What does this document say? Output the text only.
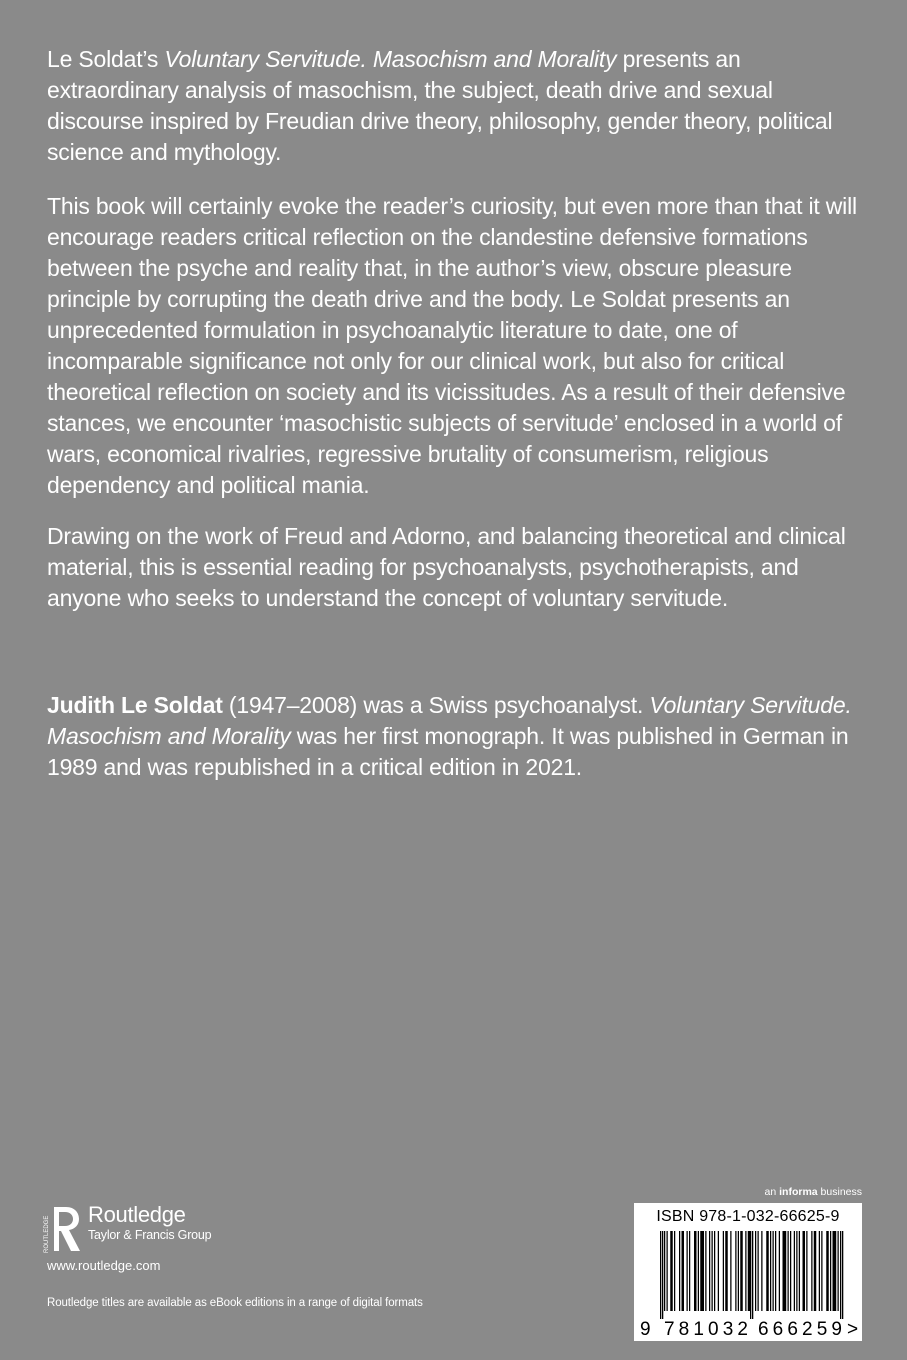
Le Soldat’s Voluntary Servitude. Masochism and Morality presents an extraordinary analysis of masochism, the subject, death drive and sexual discourse inspired by Freudian drive theory, philosophy, gender theory, political science and mythology.

This book will certainly evoke the reader’s curiosity, but even more than that it will encourage readers critical reflection on the clandestine defensive formations between the psyche and reality that, in the author’s view, obscure pleasure principle by corrupting the death drive and the body. Le Soldat presents an unprecedented formulation in psychoanalytic literature to date, one of incomparable significance not only for our clinical work, but also for critical theoretical reflection on society and its vicissitudes. As a result of their defensive stances, we encounter ‘masochistic subjects of servitude’ enclosed in a world of wars, economical rivalries, regressive brutality of consumerism, religious dependency and political mania.

Drawing on the work of Freud and Adorno, and balancing theoretical and clinical material, this is essential reading for psychoanalysts, psychotherapists, and anyone who seeks to understand the concept of voluntary servitude.

Judith Le Soldat (1947–2008) was a Swiss psychoanalyst. Voluntary Servitude. Masochism and Morality was her first monograph. It was published in German in 1989 and was republished in a critical edition in 2021.

ROUTLEDGE
Routledge
Taylor & Francis Group
www.routledge.com
Routledge titles are available as eBook editions in a range of digital formats
an informa business
ISBN 978-1-032-66625-9
9 781032 666259 >
